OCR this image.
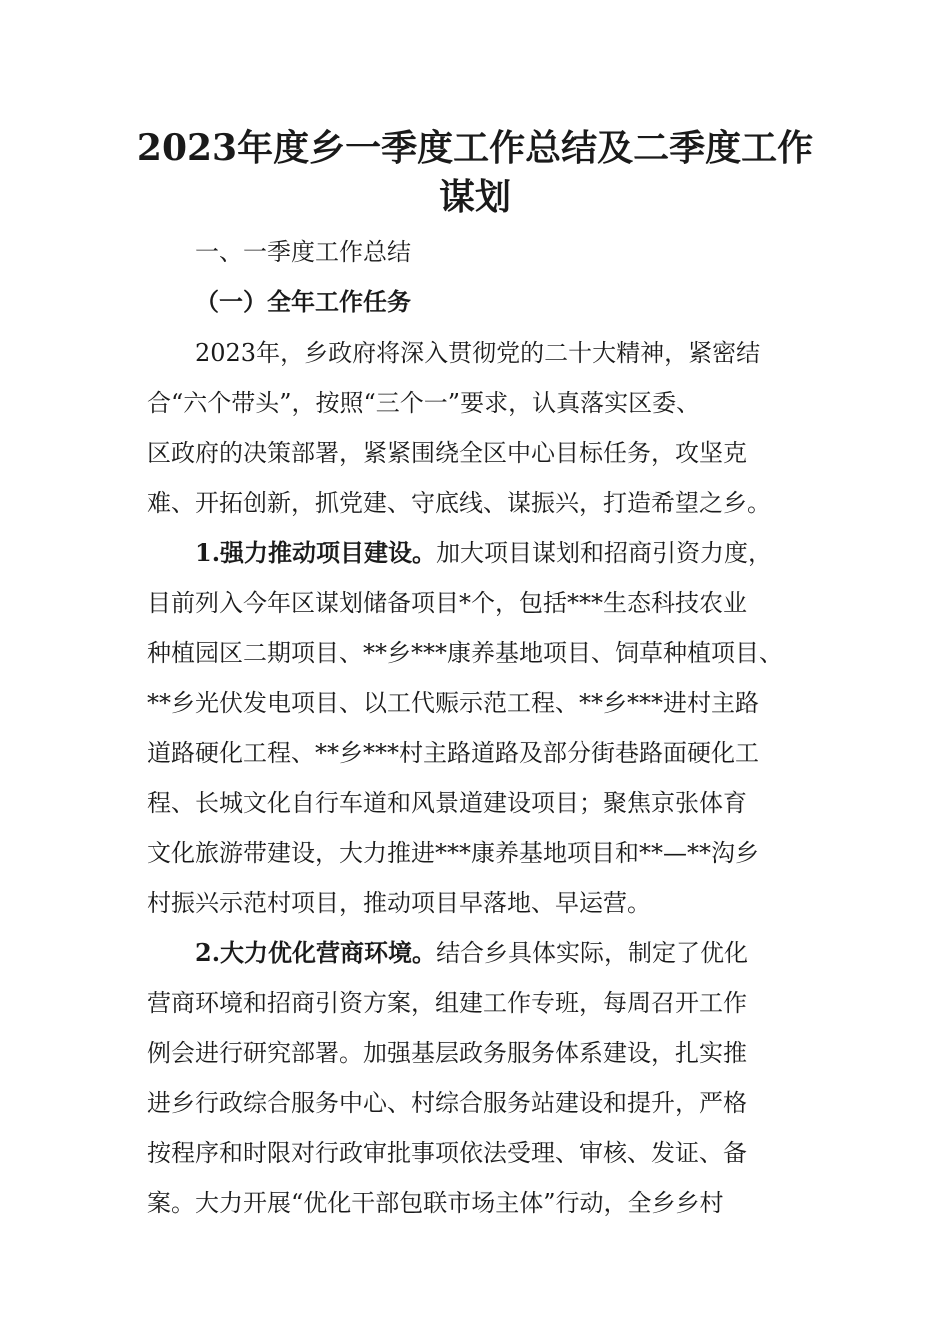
2023年度乡一季度工作总结及二季度工作
谋划

一、一季度工作总结

（一）全年工作任务

2023年，乡政府将深入贯彻党的二十大精神，紧密结

合“六个带头”，按照“三个一”要求，认真落实区委、

区政府的决策部署，紧紧围绕全区中心目标任务，攻坚克

难、开拓创新，抓党建、守底线、谋振兴，打造希望之乡。

1.强力推动项目建设。加大项目谋划和招商引资力度，

目前列入今年区谋划储备项目*个，包括***生态科技农业

种植园区二期项目、**乡***康养基地项目、饲草种植项目、

**乡光伏发电项目、以工代赈示范工程、**乡***进村主路

道路硬化工程、**乡***村主路道路及部分街巷路面硬化工

程、长城文化自行车道和风景道建设项目；聚焦京张体育

文化旅游带建设，大力推进***康养基地项目和**—**沟乡

村振兴示范村项目，推动项目早落地、早运营。

2.大力优化营商环境。结合乡具体实际，制定了优化

营商环境和招商引资方案，组建工作专班，每周召开工作

例会进行研究部署。加强基层政务服务体系建设，扎实推

进乡行政综合服务中心、村综合服务站建设和提升，严格

按程序和时限对行政审批事项依法受理、审核、发证、备

案。大力开展“优化干部包联市场主体”行动，全乡乡村
